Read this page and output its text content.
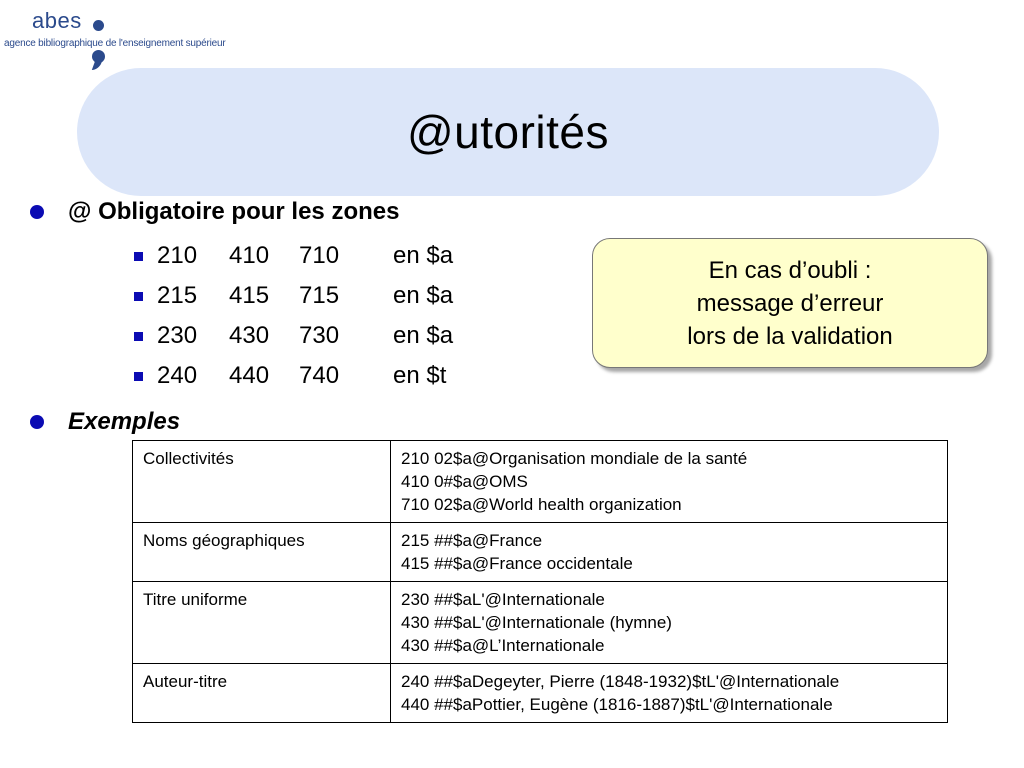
abes
agence bibliographique de l'enseignement supérieur
@utorités
@ Obligatoire pour les zones
210	410	710	en $a
215	415	715	en $a
230	430	730	en $a
240	440	740	en $t
En cas d’oubli :
message d’erreur
lors de la validation
Exemples
Collectivités	210 02$a@Organisation mondiale de la santé
410 0#$a@OMS
710 02$a@World health organization

Noms géographiques	215 ##$a@France
415 ##$a@France occidentale

Titre uniforme	230 ##$aL'@Internationale
430 ##$aL'@Internationale (hymne)
430 ##$a@L’Internationale

Auteur-titre	240 ##$aDegeyter, Pierre (1848-1932)$tL'@Internationale
440 ##$aPottier, Eugène (1816-1887)$tL'@Internationale
